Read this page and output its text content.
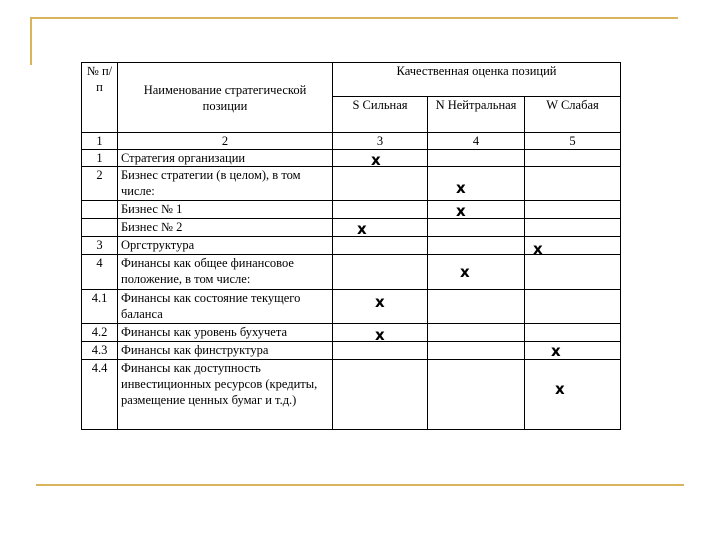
№ п/п	Наименование стратегической позиции	Качественная оценка позиций		
		S Сильная	N Нейтральная	W Слабая
1	2	3	4	5
1	Стратегия организации	x		

2	Бизнес стратегии (в целом), в том числе:		x	

	Бизнес № 1		x	

	Бизнес № 2	x		

3	Оргструктура			x

4	Финансы как общее финансовое положение, в том числе:		x	

4.1	Финансы как состояние текущего баланса	x		

4.2	Финансы как уровень бухучета	x		

4.3	Финансы как финструктура			x

4.4	Финансы как доступность инвестиционных ресурсов (кредиты, размещение ценных бумаг и т.д.)			x
